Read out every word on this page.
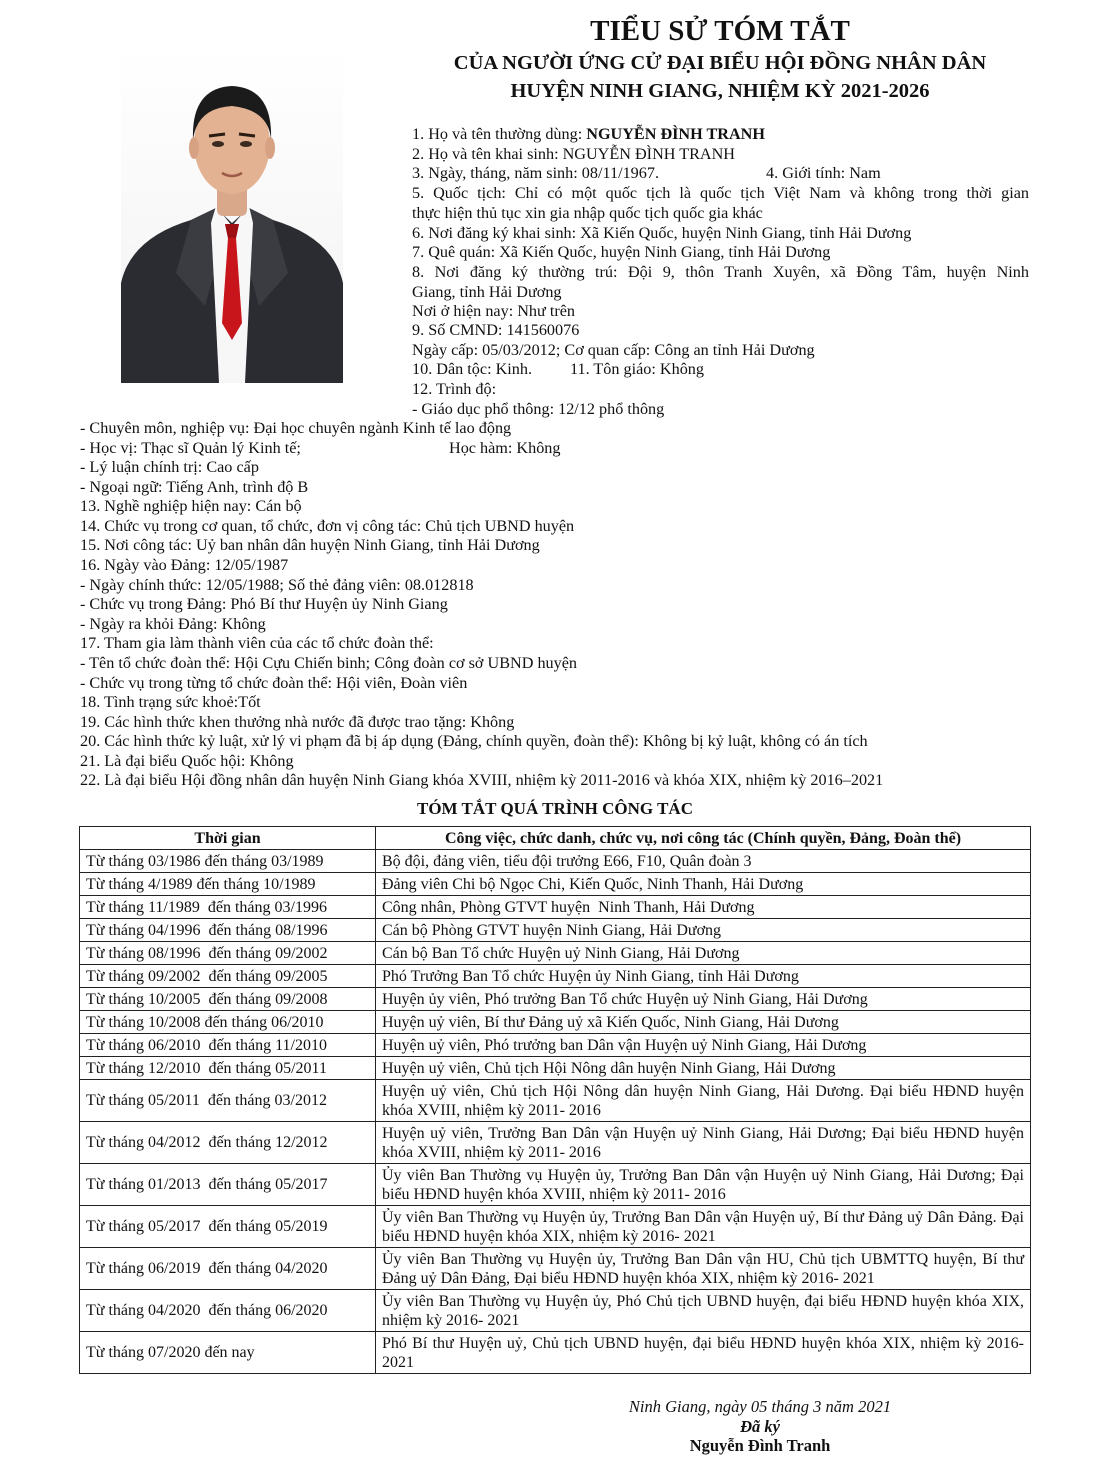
TIỂU SỬ TÓM TẮT
CỦA NGƯỜI ỨNG CỬ ĐẠI BIỂU HỘI ĐỒNG NHÂN DÂN
HUYỆN NINH GIANG, NHIỆM KỲ 2021-2026
1. Họ và tên thường dùng: NGUYỄN ĐÌNH TRANH
2. Họ và tên khai sinh: NGUYỄN ĐÌNH TRANH
3. Ngày, tháng, năm sinh: 08/11/1967.	4. Giới tính: Nam
5. Quốc tịch: Chỉ có một quốc tịch là quốc tịch Việt Nam và không trong thời gian
thực hiện thủ tục xin gia nhập quốc tịch quốc gia khác
6. Nơi đăng ký khai sinh: Xã Kiến Quốc, huyện Ninh Giang, tỉnh Hải Dương
7. Quê quán: Xã Kiến Quốc, huyện Ninh Giang, tỉnh Hải Dương
8. Nơi đăng ký thường trú: Đội 9, thôn Tranh Xuyên, xã Đồng Tâm, huyện Ninh
Giang, tỉnh Hải Dương
Nơi ở hiện nay: Như trên
9. Số CMND: 141560076
Ngày cấp: 05/03/2012; Cơ quan cấp: Công an tỉnh Hải Dương
10. Dân tộc: Kinh. 11. Tôn giáo: Không
12. Trình độ:
- Giáo dục phổ thông: 12/12 phổ thông
- Chuyên môn, nghiệp vụ: Đại học chuyên ngành Kinh tế lao động
- Học vị: Thạc sĩ Quản lý Kinh tế;	Học hàm: Không
- Lý luận chính trị: Cao cấp
- Ngoại ngữ: Tiếng Anh, trình độ B
13. Nghề nghiệp hiện nay: Cán bộ
14. Chức vụ trong cơ quan, tổ chức, đơn vị công tác: Chủ tịch UBND huyện
15. Nơi công tác: Uỷ ban nhân dân huyện Ninh Giang, tỉnh Hải Dương
16. Ngày vào Đảng: 12/05/1987
- Ngày chính thức: 12/05/1988; Số thẻ đảng viên: 08.012818
- Chức vụ trong Đảng: Phó Bí thư Huyện ủy Ninh Giang
- Ngày ra khỏi Đảng: Không
17. Tham gia làm thành viên của các tổ chức đoàn thể:
- Tên tổ chức đoàn thể: Hội Cựu Chiến binh; Công đoàn cơ sở UBND huyện
- Chức vụ trong từng tổ chức đoàn thể: Hội viên, Đoàn viên
18. Tình trạng sức khoẻ:Tốt
19. Các hình thức khen thưởng nhà nước đã được trao tặng: Không
20. Các hình thức kỷ luật, xử lý vi phạm đã bị áp dụng (Đảng, chính quyền, đoàn thể): Không bị kỷ luật, không có án tích
21. Là đại biểu Quốc hội: Không
22. Là đại biểu Hội đồng nhân dân huyện Ninh Giang khóa XVIII, nhiệm kỳ 2011-2016 và khóa XIX, nhiệm kỳ 2016–2021
TÓM TẮT QUÁ TRÌNH CÔNG TÁC
Thời gian	Công việc, chức danh, chức vụ, nơi công tác (Chính quyền, Đảng, Đoàn thể)
Từ tháng 03/1986 đến tháng 03/1989	Bộ đội, đảng viên, tiểu đội trưởng E66, F10, Quân đoàn 3
Từ tháng 4/1989 đến tháng 10/1989	Đảng viên Chi bộ Ngọc Chi, Kiến Quốc, Ninh Thanh, Hải Dương
Từ tháng 11/1989  đến tháng 03/1996	Công nhân, Phòng GTVT huyện  Ninh Thanh, Hải Dương
Từ tháng 04/1996  đến tháng 08/1996	Cán bộ Phòng GTVT huyện Ninh Giang, Hải Dương
Từ tháng 08/1996  đến tháng 09/2002	Cán bộ Ban Tổ chức Huyện uỷ Ninh Giang, Hải Dương
Từ tháng 09/2002  đến tháng 09/2005	Phó Trưởng Ban Tổ chức Huyện ủy Ninh Giang, tỉnh Hải Dương
Từ tháng 10/2005  đến tháng 09/2008	Huyện ủy viên, Phó trưởng Ban Tổ chức Huyện uỷ Ninh Giang, Hải Dương
Từ tháng 10/2008 đến tháng 06/2010	Huyện uỷ viên, Bí thư Đảng uỷ xã Kiến Quốc, Ninh Giang, Hải Dương
Từ tháng 06/2010  đến tháng 11/2010	Huyện uỷ viên, Phó trưởng ban Dân vận Huyện uỷ Ninh Giang, Hải Dương
Từ tháng 12/2010  đến tháng 05/2011	Huyện uỷ viên, Chủ tịch Hội Nông dân huyện Ninh Giang, Hải Dương
Từ tháng 05/2011  đến tháng 03/2012	Huyện uỷ viên, Chủ tịch Hội Nông dân huyện Ninh Giang, Hải Dương. Đại biểu HĐND huyện khóa XVIII, nhiệm kỳ 2011- 2016
Từ tháng 04/2012  đến tháng 12/2012	Huyện uỷ viên, Trưởng Ban Dân vận Huyện uỷ Ninh Giang, Hải Dương; Đại biểu HĐND huyện khóa XVIII, nhiệm kỳ 2011- 2016
Từ tháng 01/2013  đến tháng 05/2017	Ủy viên Ban Thường vụ Huyện ủy, Trưởng Ban Dân vận Huyện uỷ Ninh Giang, Hải Dương; Đại biểu HĐND huyện khóa XVIII, nhiệm kỳ 2011- 2016
Từ tháng 05/2017  đến tháng 05/2019	Ủy viên Ban Thường vụ Huyện ủy, Trưởng Ban Dân vận Huyện uỷ, Bí thư Đảng uỷ Dân Đảng. Đại biểu HĐND huyện khóa XIX, nhiệm kỳ 2016- 2021
Từ tháng 06/2019  đến tháng 04/2020	Ủy viên Ban Thường vụ Huyện ủy, Trưởng Ban Dân vận HU, Chủ tịch UBMTTQ huyện, Bí thư Đảng uỷ Dân Đảng, Đại biểu HĐND huyện khóa XIX, nhiệm kỳ 2016- 2021
Từ tháng 04/2020  đến tháng 06/2020	Ủy viên Ban Thường vụ Huyện ủy, Phó Chủ tịch UBND huyện, đại biểu HĐND huyện khóa XIX, nhiệm kỳ 2016- 2021
Từ tháng 07/2020 đến nay	Phó Bí thư Huyện uỷ, Chủ tịch UBND huyện, đại biểu HĐND huyện khóa XIX, nhiệm kỳ 2016- 2021
Ninh Giang, ngày 05 tháng 3 năm 2021
Đã ký
Nguyễn Đình Tranh
